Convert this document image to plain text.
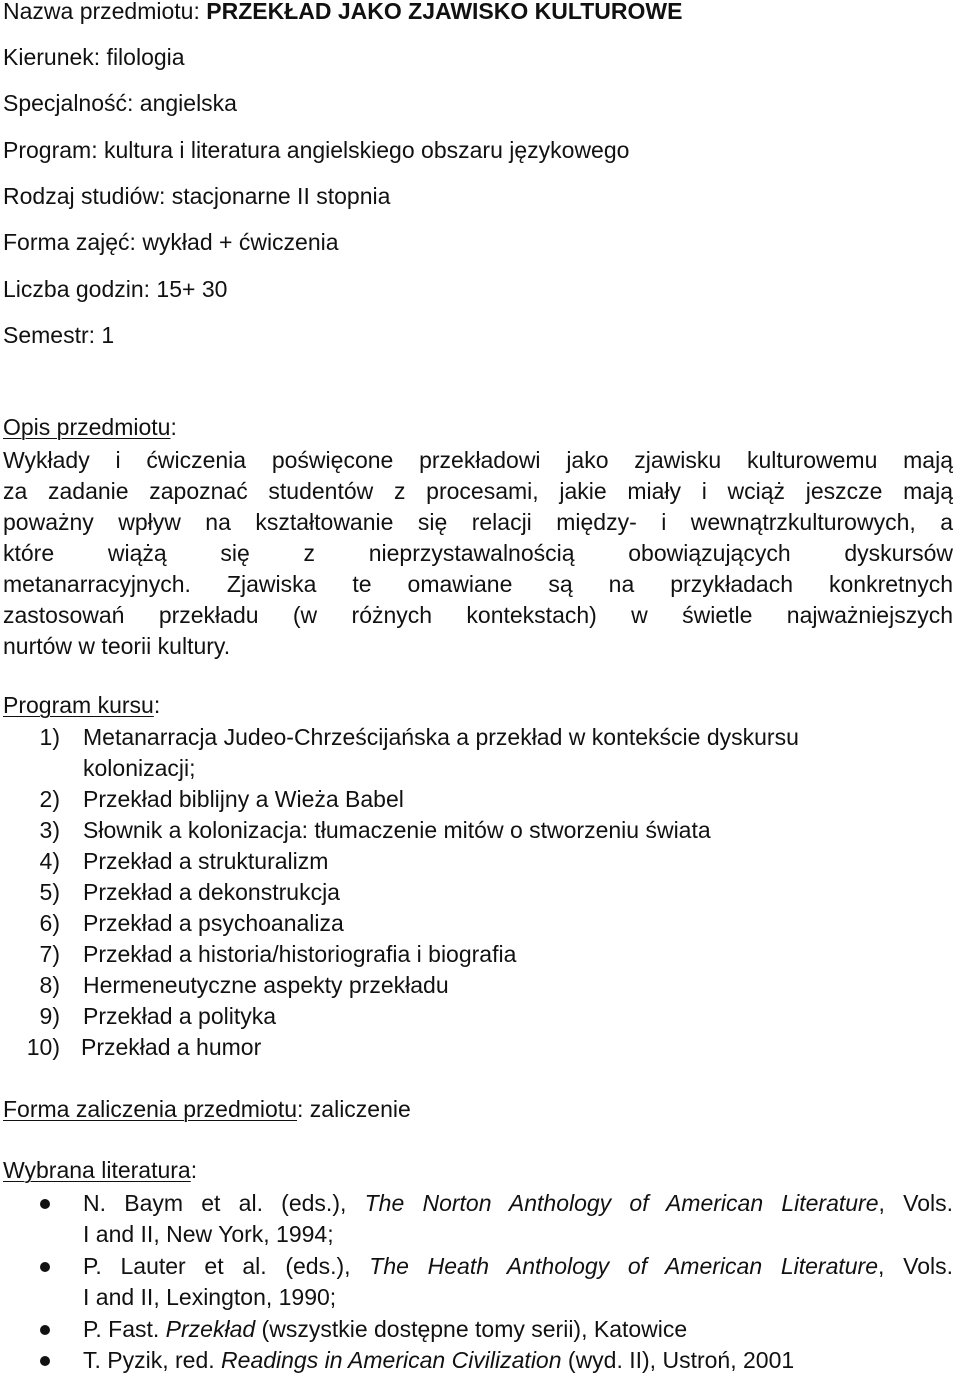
Nazwa przedmiotu: PRZEKŁAD JAKO ZJAWISKO KULTUROWE
Kierunek: filologia
Specjalność: angielska
Program: kultura i literatura angielskiego obszaru językowego
Rodzaj studiów: stacjonarne II stopnia
Forma zajęć: wykład + ćwiczenia
Liczba godzin: 15+ 30
Semestr: 1
Opis przedmiotu:
Wykłady i ćwiczenia poświęcone przekładowi jako zjawisku kulturowemu mają
za zadanie zapoznać studentów z procesami, jakie miały i wciąż jeszcze mają
poważny wpływ na kształtowanie się relacji między- i wewnątrzkulturowych, a
które wiążą się z nieprzystawalnością obowiązujących dyskursów
metanarracyjnych. Zjawiska te omawiane są na przykładach konkretnych
zastosowań przekładu (w różnych kontekstach) w świetle najważniejszych
nurtów w teorii kultury.
Program kursu:
1) Metanarracja Judeo-Chrześcijańska a przekład w kontekście dyskursu
kolonizacji;
2) Przekład biblijny a Wieża Babel
3) Słownik a kolonizacja: tłumaczenie mitów o stworzeniu świata
4) Przekład a strukturalizm
5) Przekład a dekonstrukcja
6) Przekład a psychoanaliza
7) Przekład a historia/historiografia i biografia
8) Hermeneutyczne aspekty przekładu
9) Przekład a polityka
10) Przekład a humor
Forma zaliczenia przedmiotu: zaliczenie
Wybrana literatura:
N. Baym et al. (eds.), The Norton Anthology of American Literature, Vols.
I and II, New York, 1994;
P. Lauter et al. (eds.), The Heath Anthology of American Literature, Vols.
I and II, Lexington, 1990;
P. Fast. Przekład (wszystkie dostępne tomy serii), Katowice
T. Pyzik, red. Readings in American Civilization (wyd. II), Ustroń, 2001
